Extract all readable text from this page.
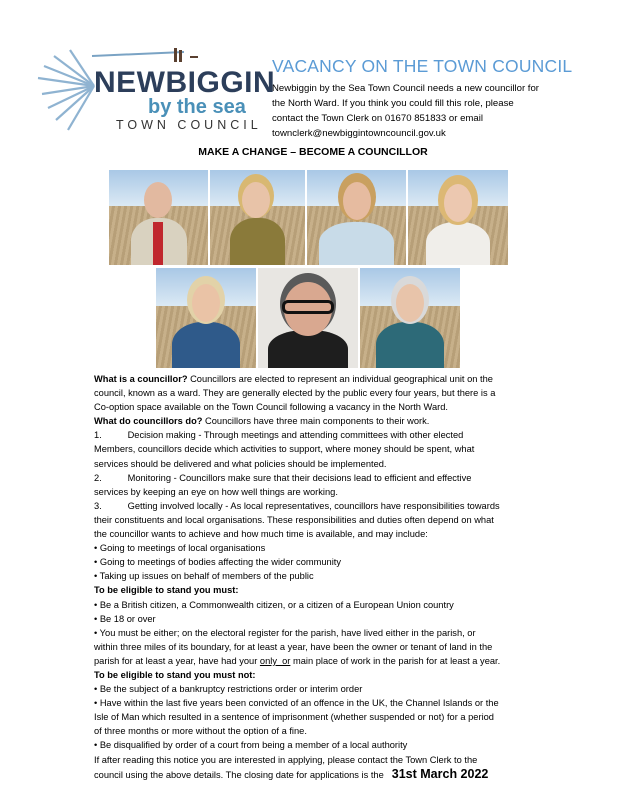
NEWBIGGIN
by the sea
TOWN COUNCIL
VACANCY ON THE TOWN COUNCIL
Newbiggin by the Sea Town Council needs a new councillor for
the North Ward. If you think you could fill this role, please
contact the Town Clerk on 01670 851833 or email
townclerk@newbiggintowncouncil.gov.uk
MAKE A CHANGE – BECOME A COUNCILLOR

What is a councillor? Councillors are elected to represent an individual geographical unit on the

council, known as a ward. They are generally elected by the public every four years, but there is a

Co-option space available on the Town Council following a vacancy in the North Ward.

What do councillors do? Councillors have three main components to their work.

1.          Decision making - Through meetings and attending committees with other elected

Members, councillors decide which activities to support, where money should be spent, what

services should be delivered and what policies should be implemented.

2.          Monitoring - Councillors make sure that their decisions lead to efficient and effective

services by keeping an eye on how well things are working.

3.          Getting involved locally - As local representatives, councillors have responsibilities towards

their constituents and local organisations. These responsibilities and duties often depend on what

the councillor wants to achieve and how much time is available, and may include:

• Going to meetings of local organisations

• Going to meetings of bodies affecting the wider community

• Taking up issues on behalf of members of the public

To be eligible to stand you must:

• Be a British citizen, a Commonwealth citizen, or a citizen of a European Union country

• Be 18 or over

• You must be either; on the electoral register for the parish, have lived either in the parish, or

within three miles of its boundary, for at least a year, have been the owner or tenant of land in the

parish for at least a year, have had your only  or main place of work in the parish for at least a year.

To be eligible to stand you must not:

• Be the subject of a bankruptcy restrictions order or interim order

• Have within the last five years been convicted of an offence in the UK, the Channel Islands or the

Isle of Man which resulted in a sentence of imprisonment (whether suspended or not) for a period

of three months or more without the option of a fine.

• Be disqualified by order of a court from being a member of a local authority

If after reading this notice you are interested in applying, please contact the Town Clerk to the

council using the above details. The closing date for applications is the 31st March 2022
